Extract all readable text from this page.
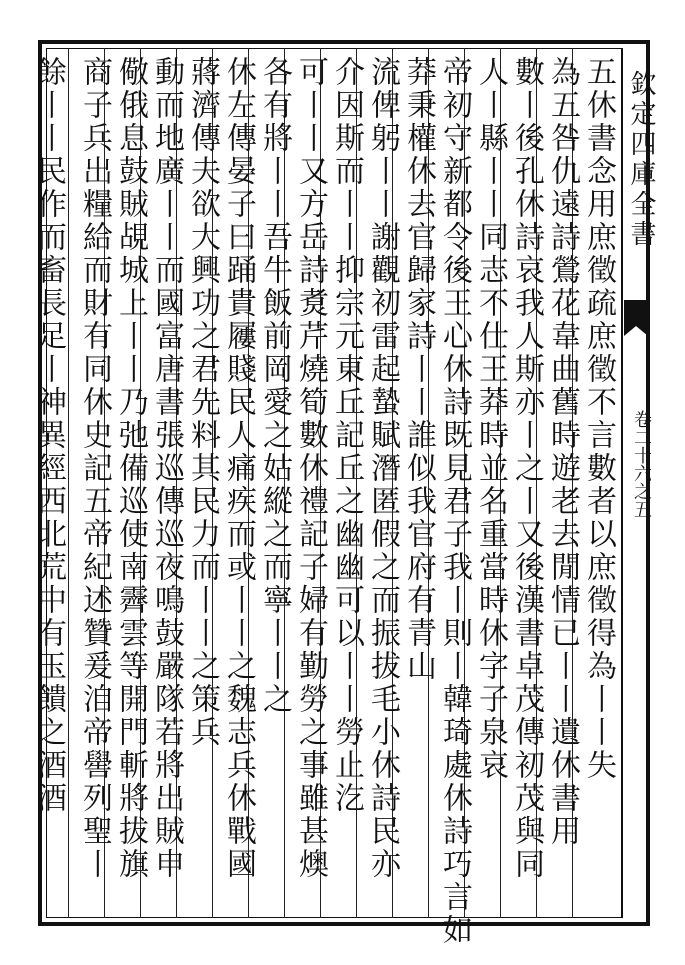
欽定四庫全書
卷二十六之五
五休書念用庶徵疏庶徵不言數者以庶徵得為丨丨失
為五咎仇遠詩鶯花韋曲舊時遊老去閒情已丨丨遺休書用
數丨後孔休詩哀我人斯亦丨之丨又後漢書卓茂傳初茂與同
人丨縣丨丨同志不仕王莽時並名重當時休字子泉哀
帝初守新都令後王心休詩既見君子我丨則丨韓琦處休詩巧言如
莽秉權休去官歸家詩丨丨誰似我官府有青山
流俾躬丨丨謝觀初雷起蟄賦潛匿假之而振拔毛小休詩民亦
介因斯而丨丨抑宗元東丘記丘之幽幽可以丨丨勞止汔
可丨丨又方岳詩煑芹燒筍數休禮記子婦有勤勞之事雖甚燠
各有將丨丨吾牛飯前岡愛之姑縱之而寧丨丨之
休左傳晏子曰踊貴屨賤民人痛疾而或丨丨之魏志兵休戰國
蔣濟傳夫欲大興功之君先料其民力而丨丨之策兵
動而地廣丨丨而國富唐書張巡傳巡夜鳴鼓嚴隊若將出賊申
儆俄息鼓賊覘城上丨丨乃弛備巡使南霽雲等開門斬將拔旗
商子兵出糧給而財有同休史記五帝紀述贊爰洎帝嚳列聖丨
餘丨丨民作而畜長足丨神異經西北荒中有玉饋之酒酒
